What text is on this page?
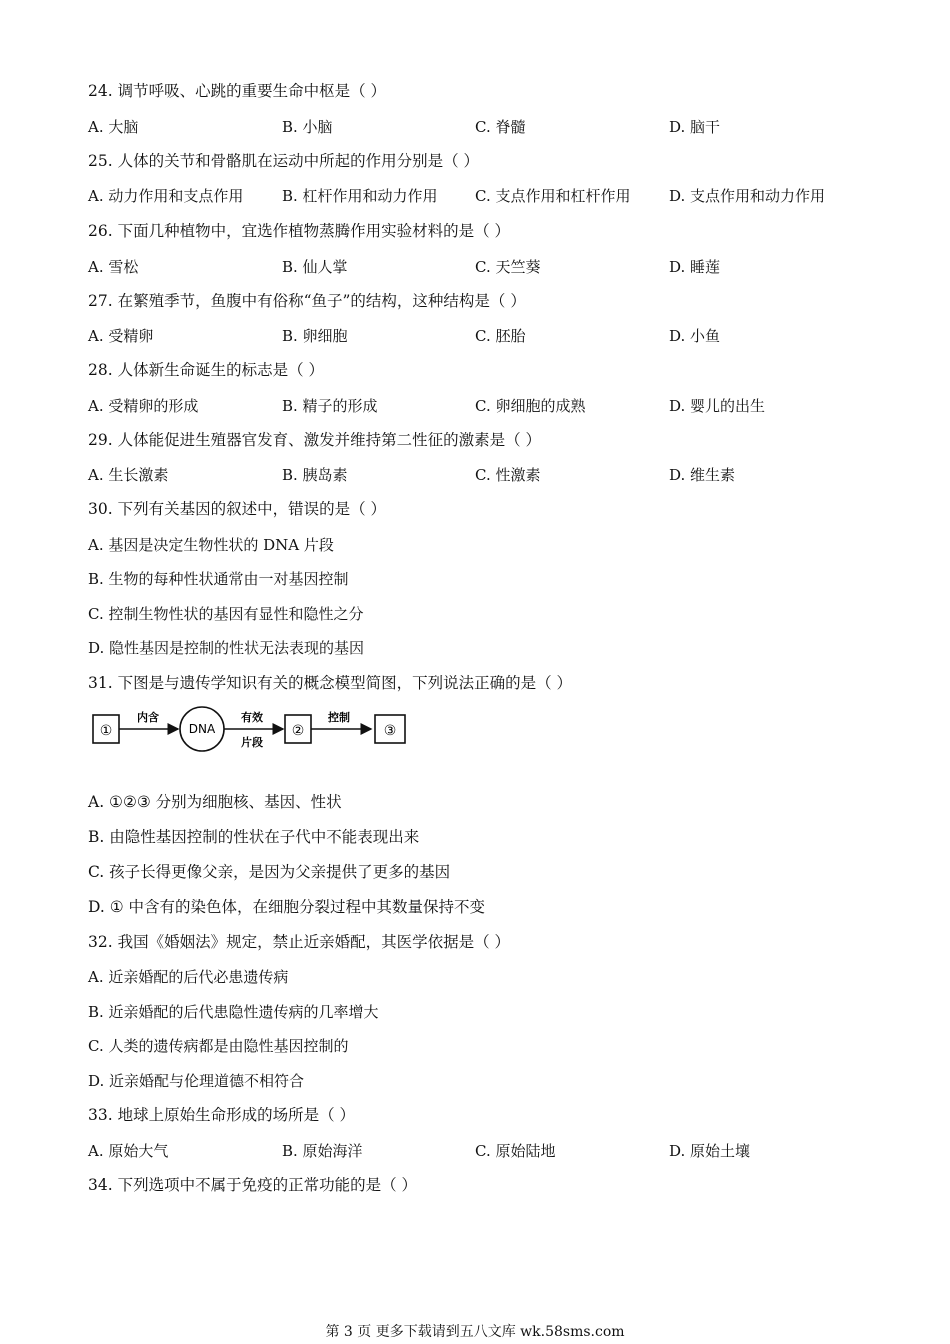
24. 调节呼吸、心跳的重要生命中枢是（ ）
A. 大脑	B. 小脑	C. 脊髓	D. 脑干
25. 人体的关节和骨骼肌在运动中所起的作用分别是（ ）
A. 动力作用和支点作用	B. 杠杆作用和动力作用 C. 支点作用和杠杆作用	D. 支点作用和动力作用
26. 下面几种植物中，宜选作植物蒸腾作用实验材料的是（ ）
A. 雪松	B. 仙人掌	C. 天竺葵	D. 睡莲
27. 在繁殖季节，鱼腹中有俗称“鱼子”的结构，这种结构是（ ）
A. 受精卵	B. 卵细胞	C. 胚胎	D. 小鱼
28. 人体新生命诞生的标志是（ ）
A. 受精卵的形成	B. 精子的形成	C. 卵细胞的成熟	D. 婴儿的出生
29. 人体能促进生殖器官发育、激发并维持第二性征的激素是（ ）
A. 生长激素	B. 胰岛素	C. 性激素	D. 维生素
30. 下列有关基因的叙述中，错误的是（ ）
A. 基因是决定生物性状的 DNA 片段
B. 生物的每种性状通常由一对基因控制
C. 控制生物性状的基因有显性和隐性之分
D. 隐性基因是控制的性状无法表现的基因
31. 下图是与遗传学知识有关的概念模型简图，下列说法正确的是（ ）
①
内含
DNA
有效
片段
②
控制
③
A. ①②③ 分别为细胞核、基因、性状
B. 由隐性基因控制的性状在子代中不能表现出来
C. 孩子长得更像父亲，是因为父亲提供了更多的基因
D. ① 中含有的染色体，在细胞分裂过程中其数量保持不变
32. 我国《婚姻法》规定，禁止近亲婚配，其医学依据是（ ）
A. 近亲婚配的后代必患遗传病
B. 近亲婚配的后代患隐性遗传病的几率增大
C. 人类的遗传病都是由隐性基因控制的
D. 近亲婚配与伦理道德不相符合
33. 地球上原始生命形成的场所是（ ）
A. 原始大气	B. 原始海洋	C. 原始陆地	D. 原始土壤
34. 下列选项中不属于免疫的正常功能的是（ ）
第 3 页 更多下载请到五八文库 wk.58sms.com
